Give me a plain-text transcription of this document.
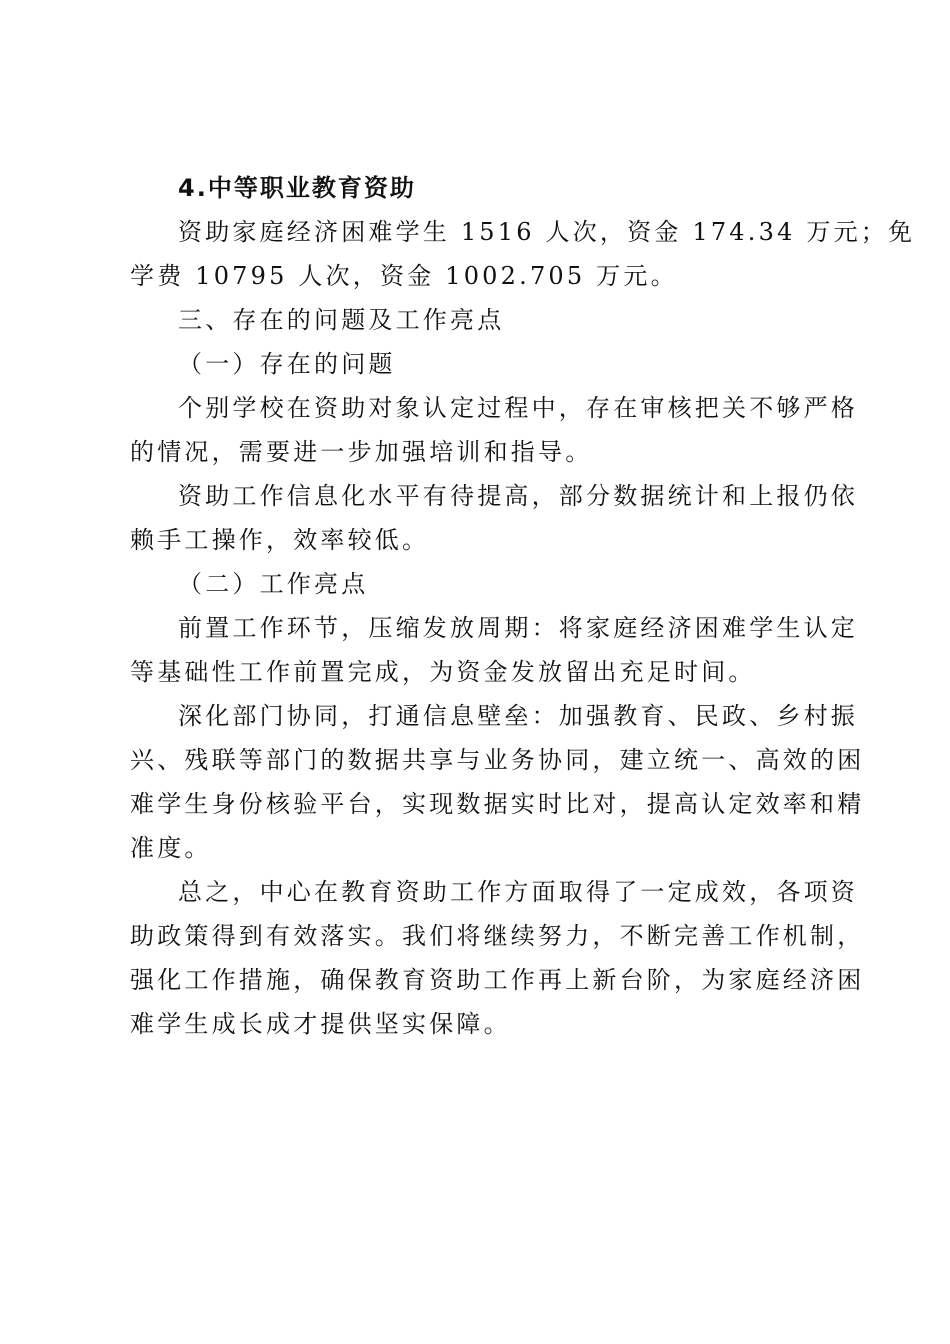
4.中等职业教育资助
资助家庭经济困难学生 1516 人次，资金 174.34 万元；免
学费 10795 人次，资金 1002.705 万元。
三、存在的问题及工作亮点
（一）存在的问题
个别学校在资助对象认定过程中，存在审核把关不够严格
的情况，需要进一步加强培训和指导。
资助工作信息化水平有待提高，部分数据统计和上报仍依
赖手工操作，效率较低。
（二）工作亮点
前置工作环节，压缩发放周期：将家庭经济困难学生认定
等基础性工作前置完成，为资金发放留出充足时间。
深化部门协同，打通信息壁垒：加强教育、民政、乡村振
兴、残联等部门的数据共享与业务协同，建立统一、高效的困
难学生身份核验平台，实现数据实时比对，提高认定效率和精
准度。
总之，中心在教育资助工作方面取得了一定成效，各项资
助政策得到有效落实。我们将继续努力，不断完善工作机制，
强化工作措施，确保教育资助工作再上新台阶，为家庭经济困
难学生成长成才提供坚实保障。
